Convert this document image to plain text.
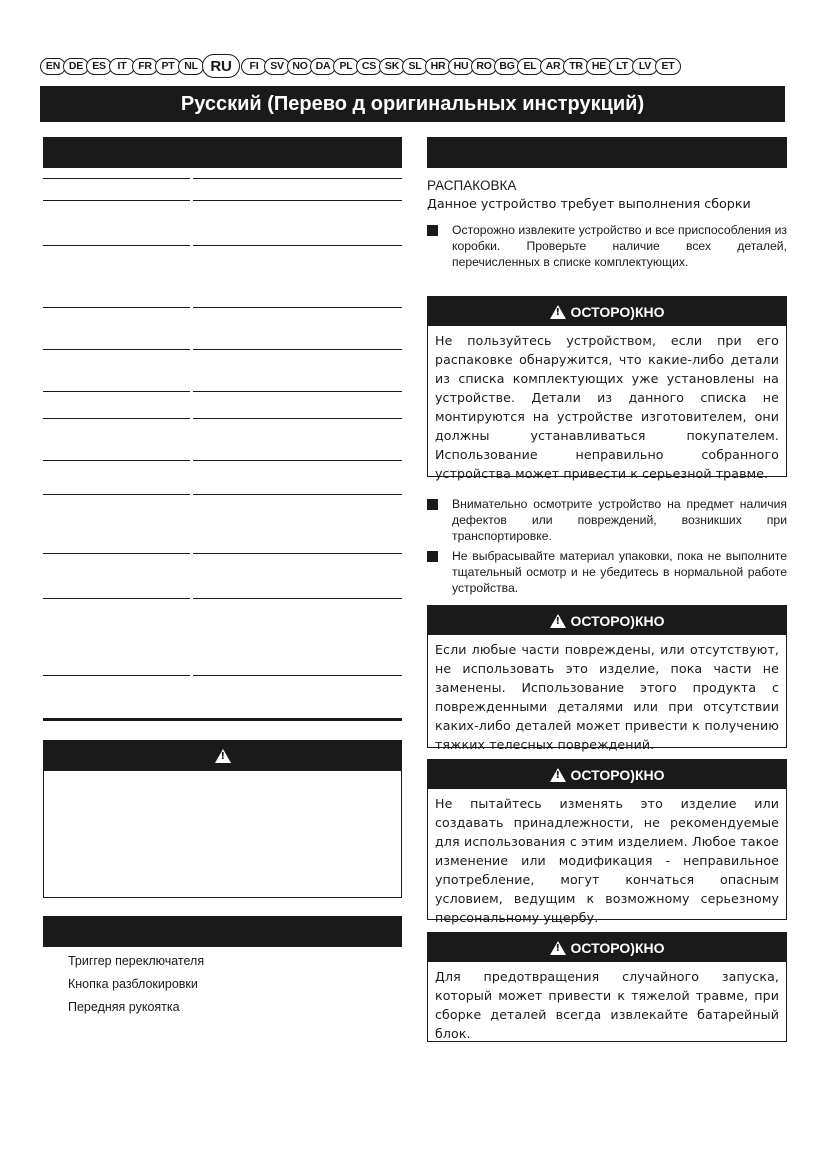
EN DE ES	IT	FR PT NL RU	FI	SV NO DA PL CS SK SL HR HU RO BG EL AR TR HE LT	LV ET
Русский (Перево д оригинальных инструкций)
!
Триггер переключателя
Кнопка разблокировки
Передняя рукоятка
РАСПАКОВКА
Данное устройство требует выполнения сборки
Осторожно извлеките устройство и все приспособления из коробки. Проверьте наличие всех деталей, перечисленных в списке комплектующих.
!
ОСТОРО)КНО
Не пользуйтесь устройством, если при его распаковке обнаружится, что какие-либо детали из списка комплектующих уже установлены на устройстве. Детали из данного списка не монтируются на устройстве изготовителем, они должны устанавливаться покупателем. Использование неправильно собранного устройства может привести к серьезной травме.
Внимательно осмотрите устройство на предмет наличия дефектов или повреждений, возникших при транспортировке.
Не выбрасывайте материал упаковки, пока не выполните тщательный осмотр и не убедитесь в нормальной работе устройства.
!
ОСТОРО)КНО
Если любые части повреждены, или отсутствуют, не использовать это изделие, пока части не заменены. Использование этого продукта с поврежденными деталями или при отсутствии каких-либо деталей может привести к получению тяжких телесных повреждений.
!
ОСТОРО)КНО
Не пытайтесь изменять это изделие или создавать принадлежности, не рекомендуемые для использования с этим изделием. Любое такое изменение или модификация - неправильное употребление, могут кончаться опасным условием, ведущим к возможному серьезному персональному ущербу.
!
ОСТОРО)КНО
Для предотвращения случайного запуска, который может привести к тяжелой травме, при сборке деталей всегда извлекайте батарейный блок.
